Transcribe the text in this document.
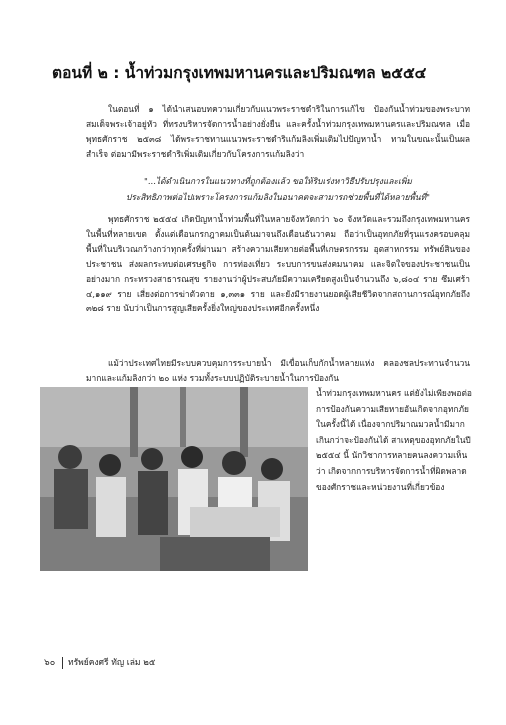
ตอนที่ ๒ : น้ำท่วมกรุงเทพมหานครและปริมณฑล ๒๕๕๔
ในตอนที่ ๑ ได้นำเสนอบทความเกี่ยวกับแนวพระราชดำริในการแก้ไข ป้องกันน้ำท่วมของพระบาทสมเด็จพระเจ้าอยู่หัว ที่ทรงบริหารจัดการน้ำอย่างยั่งยืน และครั้งน้ำท่วมกรุงเทพมหานครและปริมณฑล เมื่อพุทธศักราช ๒๕๓๘ ได้พระราชทานแนวพระราชดำริแก้มลิงเพิ่มเติมไปปัญหาน้ำ ทามในขณะนั้นเป็นผลสำเร็จ ต่อมามีพระราชดำริเพิ่มเติมเกี่ยวกับโครงการแก้มลิงว่า
"...ได้ดำเนินการในแนวทางที่ถูกต้องแล้ว ขอให้ริบเร่งหาวิธีปรับปรุงและเพิ่ม
ประสิทธิภาพต่อไปเพราะโครงการแก้มลิงในอนาคตจะสามารถช่วยพื้นที่ได้หลายพื้นที่"
พุทธศักราช ๒๕๕๔ เกิดปัญหาน้ำท่วมพื้นที่ในหลายจังหวัดกว่า ๖๐ จังหวัดและรวมถึงกรุงเทพมหานครในพื้นที่หลายเขต ตั้งแต่เดือนกรกฎาคมเป็นต้นมาจนถึงเดือนธันวาคม ถือว่าเป็นอุทกภัยที่รุนแรงครอบคลุมพื้นที่ในบริเวณกว้างกว่าทุกครั้งที่ผ่านมา สร้างความเสียหายต่อพื้นที่เกษตรกรรม อุตสาหกรรม ทรัพย์สินของประชาชน ส่งผลกระทบต่อเศรษฐกิจ การท่องเที่ยว ระบบการขนส่งคมนาคม และจิตใจของประชาชนเป็นอย่างมาก กระทรวงสาธารณสุข รายงานว่าผู้ประสบภัยมีความเครียดสูงเป็นจำนวนถึง ๖,๘๐๔ ราย ซึมเศร้า ๔,๑๑๙ ราย เสี่ยงต่อการฆ่าตัวตาย ๑,๓๓๑ ราย และยังมีรายงานยอดผู้เสียชีวิตจากสถานการณ์อุทกภัยถึง ๓๒๘ ราย นับว่าเป็นการสูญเสียครั้งยิ่งใหญ่ของประเทศอีกครั้งหนึ่ง
แม้ว่าประเทศไทยมีระบบควบคุมการระบายน้ำ มีเขื่อนเก็บกักน้ำหลายแห่ง คลองชลประทานจำนวนมากและแก้มลิงกว่า ๒๐ แห่ง รวมทั้งระบบปฏิบัติระบายน้ำในการป้องกัน
น้ำท่วมกรุงเทพมหานคร แต่ยังไม่เพียงพอต่อการป้องกันความเสียหายอันเกิดจากอุทกภัยในครั้งนี้ได้ เนื่องจากปริมาณมวลน้ำมีมากเกินกว่าจะป้องกันได้ สาเหตุของอุทกภัยในปี ๒๕๕๔ นี้ นักวิชาการหลายคนลงความเห็นว่า เกิดจากการบริหารจัดการน้ำที่ผิดพลาดของศักราชและหน่วยงานที่เกี่ยวข้อง
๖๐ ทรัพย์คงศรี ทัญ เล่ม ๒๕
